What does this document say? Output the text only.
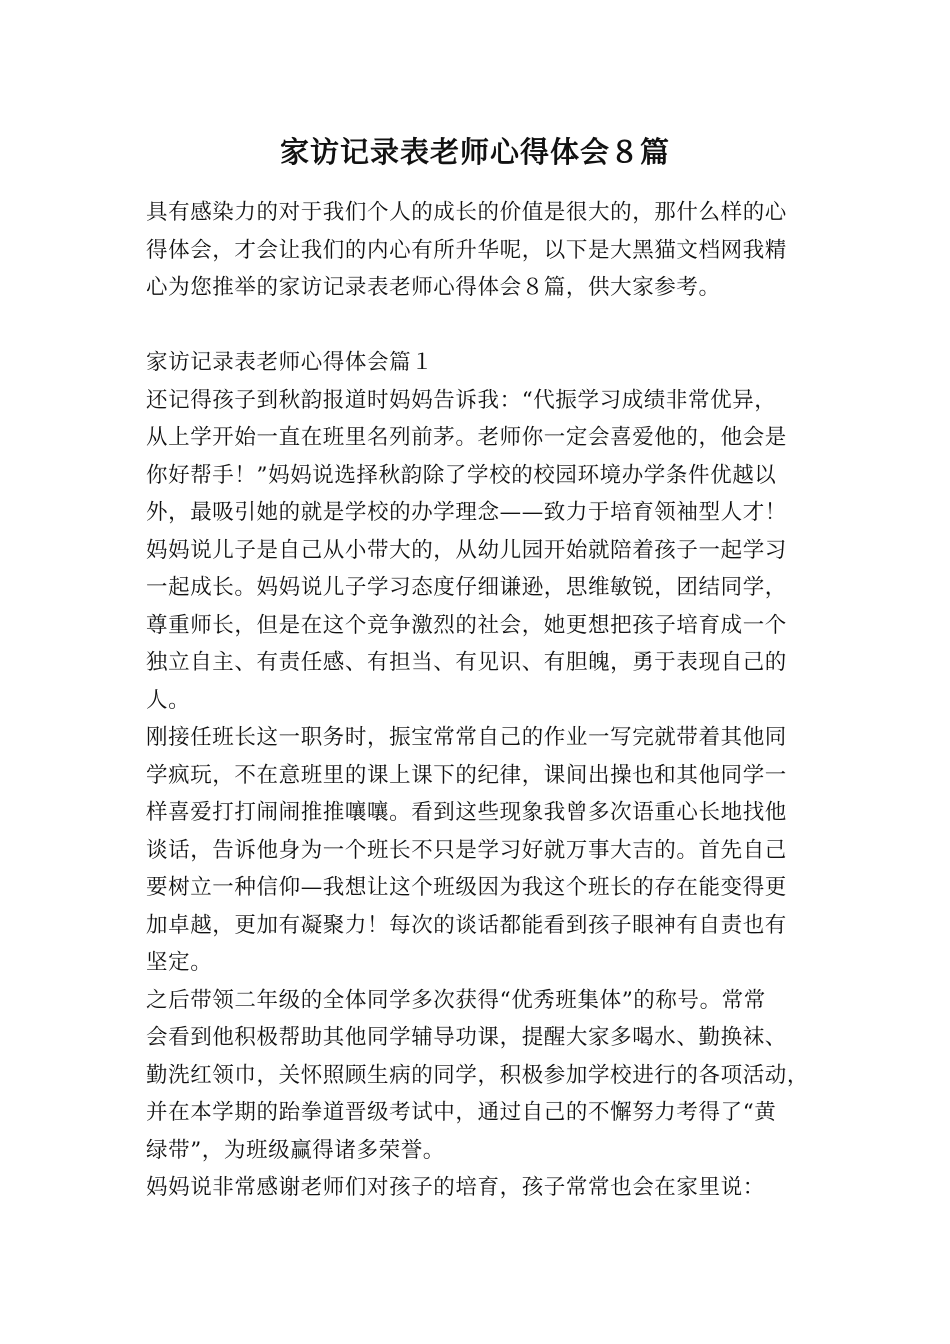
家访记录表老师心得体会８篇
具有感染力的对于我们个人的成长的价值是很大的，那什么样的心
得体会，才会让我们的内心有所升华呢，以下是大黑猫文档网我精
心为您推举的家访记录表老师心得体会８篇，供大家参考。
家访记录表老师心得体会篇１
还记得孩子到秋韵报道时妈妈告诉我：“代振学习成绩非常优异，
从上学开始一直在班里名列前茅。老师你一定会喜爱他的，他会是
你好帮手！”妈妈说选择秋韵除了学校的校园环境办学条件优越以
外，最吸引她的就是学校的办学理念——致力于培育领袖型人才！
妈妈说儿子是自己从小带大的，从幼儿园开始就陪着孩子一起学习
一起成长。妈妈说儿子学习态度仔细谦逊，思维敏锐，团结同学，
尊重师长，但是在这个竞争激烈的社会，她更想把孩子培育成一个
独立自主、有责任感、有担当、有见识、有胆魄，勇于表现自己的
人。
刚接任班长这一职务时，振宝常常自己的作业一写完就带着其他同
学疯玩，不在意班里的课上课下的纪律，课间出操也和其他同学一
样喜爱打打闹闹推推嚷嚷。看到这些现象我曾多次语重心长地找他
谈话，告诉他身为一个班长不只是学习好就万事大吉的。首先自己
要树立一种信仰—我想让这个班级因为我这个班长的存在能变得更
加卓越，更加有凝聚力！每次的谈话都能看到孩子眼神有自责也有
坚定。
之后带领二年级的全体同学多次获得“优秀班集体”的称号。常常
会看到他积极帮助其他同学辅导功课，提醒大家多喝水、勤换袜、
勤洗红领巾，关怀照顾生病的同学，积极参加学校进行的各项活动，
并在本学期的跆拳道晋级考试中，通过自己的不懈努力考得了“黄
绿带”，为班级赢得诸多荣誉。
妈妈说非常感谢老师们对孩子的培育，孩子常常也会在家里说：
